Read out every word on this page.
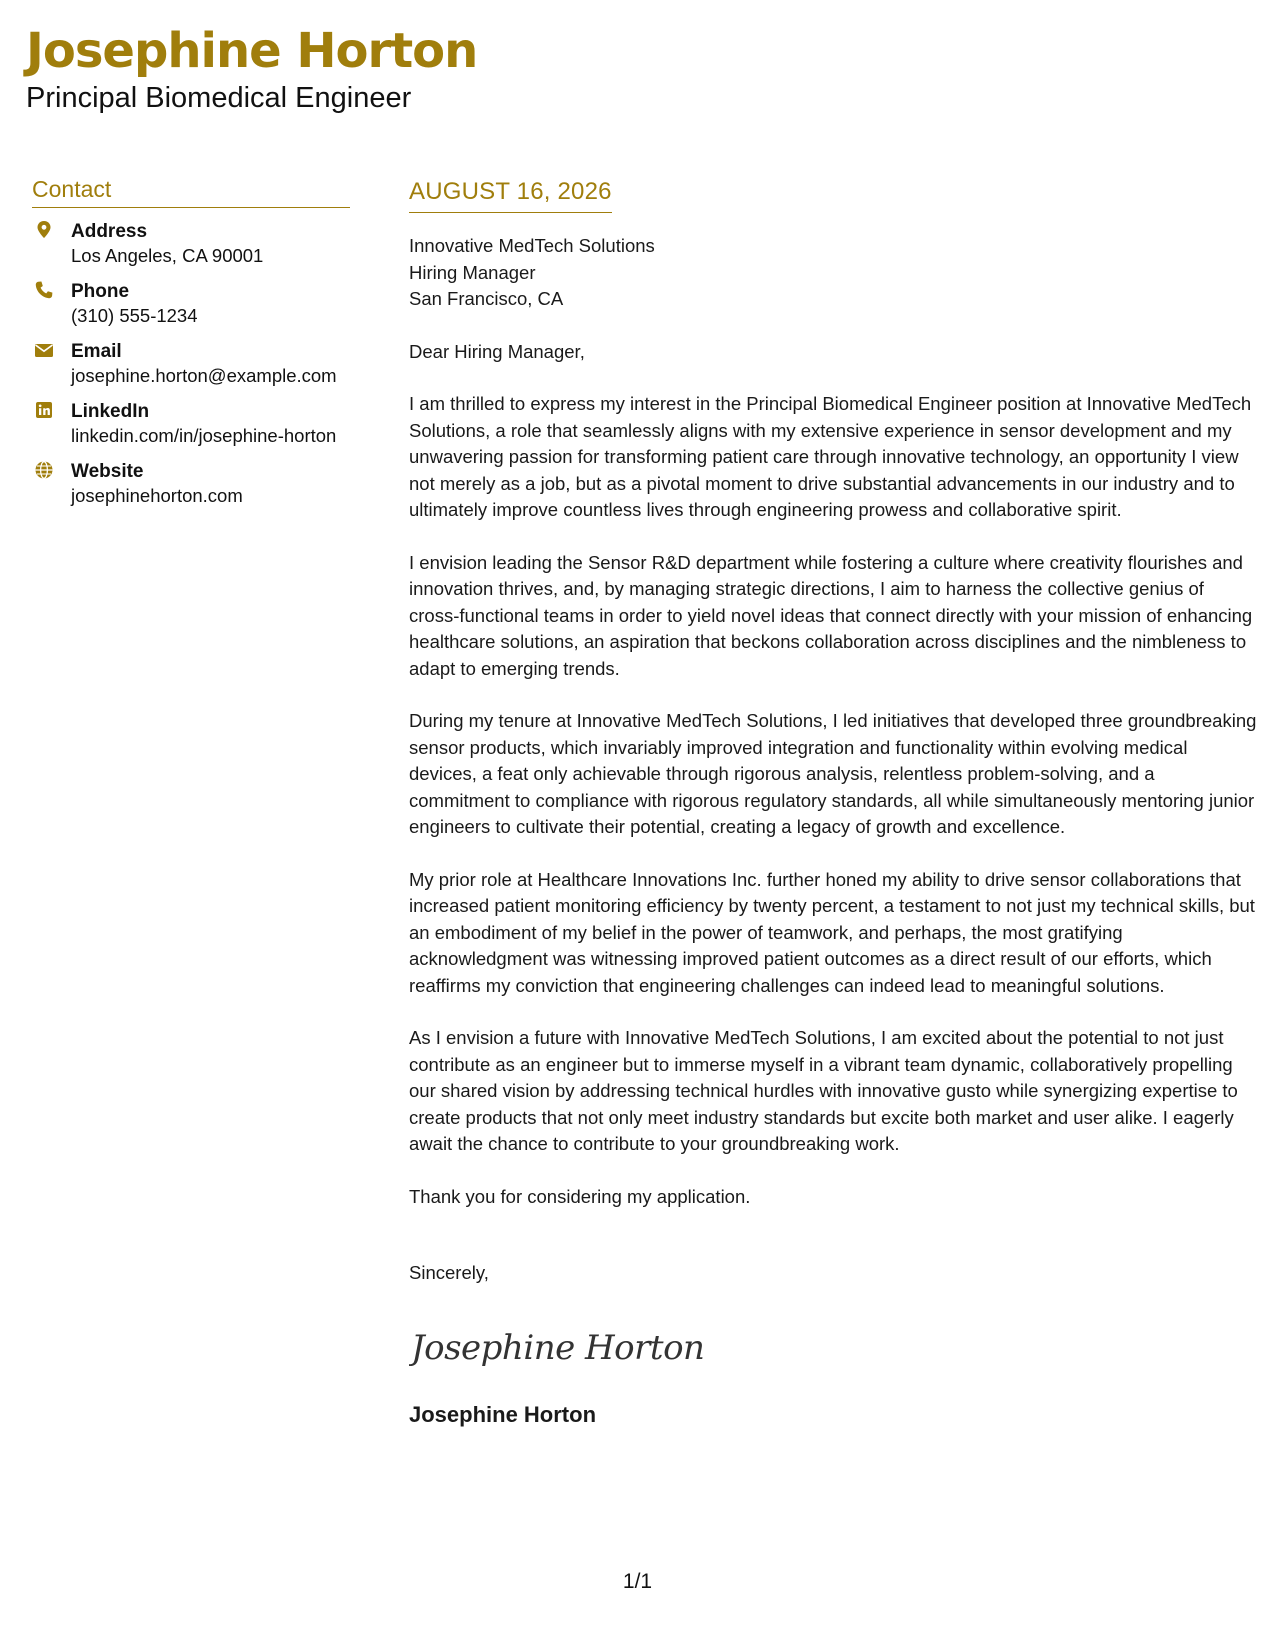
Josephine Horton
Principal Biomedical Engineer
Contact
Address
Los Angeles, CA 90001
Phone
(310) 555-1234
Email
josephine.horton@example.com
LinkedIn
linkedin.com/in/josephine-horton
Website
josephinehorton.com
AUGUST 16, 2026
Innovative MedTech Solutions
Hiring Manager
San Francisco, CA

Dear Hiring Manager,

I am thrilled to express my interest in the Principal Biomedical Engineer position at Innovative MedTech Solutions, a role that seamlessly aligns with my extensive experience in sensor development and my unwavering passion for transforming patient care through innovative technology, an opportunity I view not merely as a job, but as a pivotal moment to drive substantial advancements in our industry and to ultimately improve countless lives through engineering prowess and collaborative spirit.

I envision leading the Sensor R&D department while fostering a culture where creativity flourishes and innovation thrives, and, by managing strategic directions, I aim to harness the collective genius of cross-functional teams in order to yield novel ideas that connect directly with your mission of enhancing healthcare solutions, an aspiration that beckons collaboration across disciplines and the nimbleness to adapt to emerging trends.

During my tenure at Innovative MedTech Solutions, I led initiatives that developed three groundbreaking sensor products, which invariably improved integration and functionality within evolving medical devices, a feat only achievable through rigorous analysis, relentless problem-solving, and a commitment to compliance with rigorous regulatory standards, all while simultaneously mentoring junior engineers to cultivate their potential, creating a legacy of growth and excellence.

My prior role at Healthcare Innovations Inc. further honed my ability to drive sensor collaborations that increased patient monitoring efficiency by twenty percent, a testament to not just my technical skills, but an embodiment of my belief in the power of teamwork, and perhaps, the most gratifying acknowledgment was witnessing improved patient outcomes as a direct result of our efforts, which reaffirms my conviction that engineering challenges can indeed lead to meaningful solutions.

As I envision a future with Innovative MedTech Solutions, I am excited about the potential to not just contribute as an engineer but to immerse myself in a vibrant team dynamic, collaboratively propelling our shared vision by addressing technical hurdles with innovative gusto while synergizing expertise to create products that not only meet industry standards but excite both market and user alike. I eagerly await the chance to contribute to your groundbreaking work.

Thank you for considering my application.

Sincerely,
Josephine Horton
Josephine Horton
1/1
